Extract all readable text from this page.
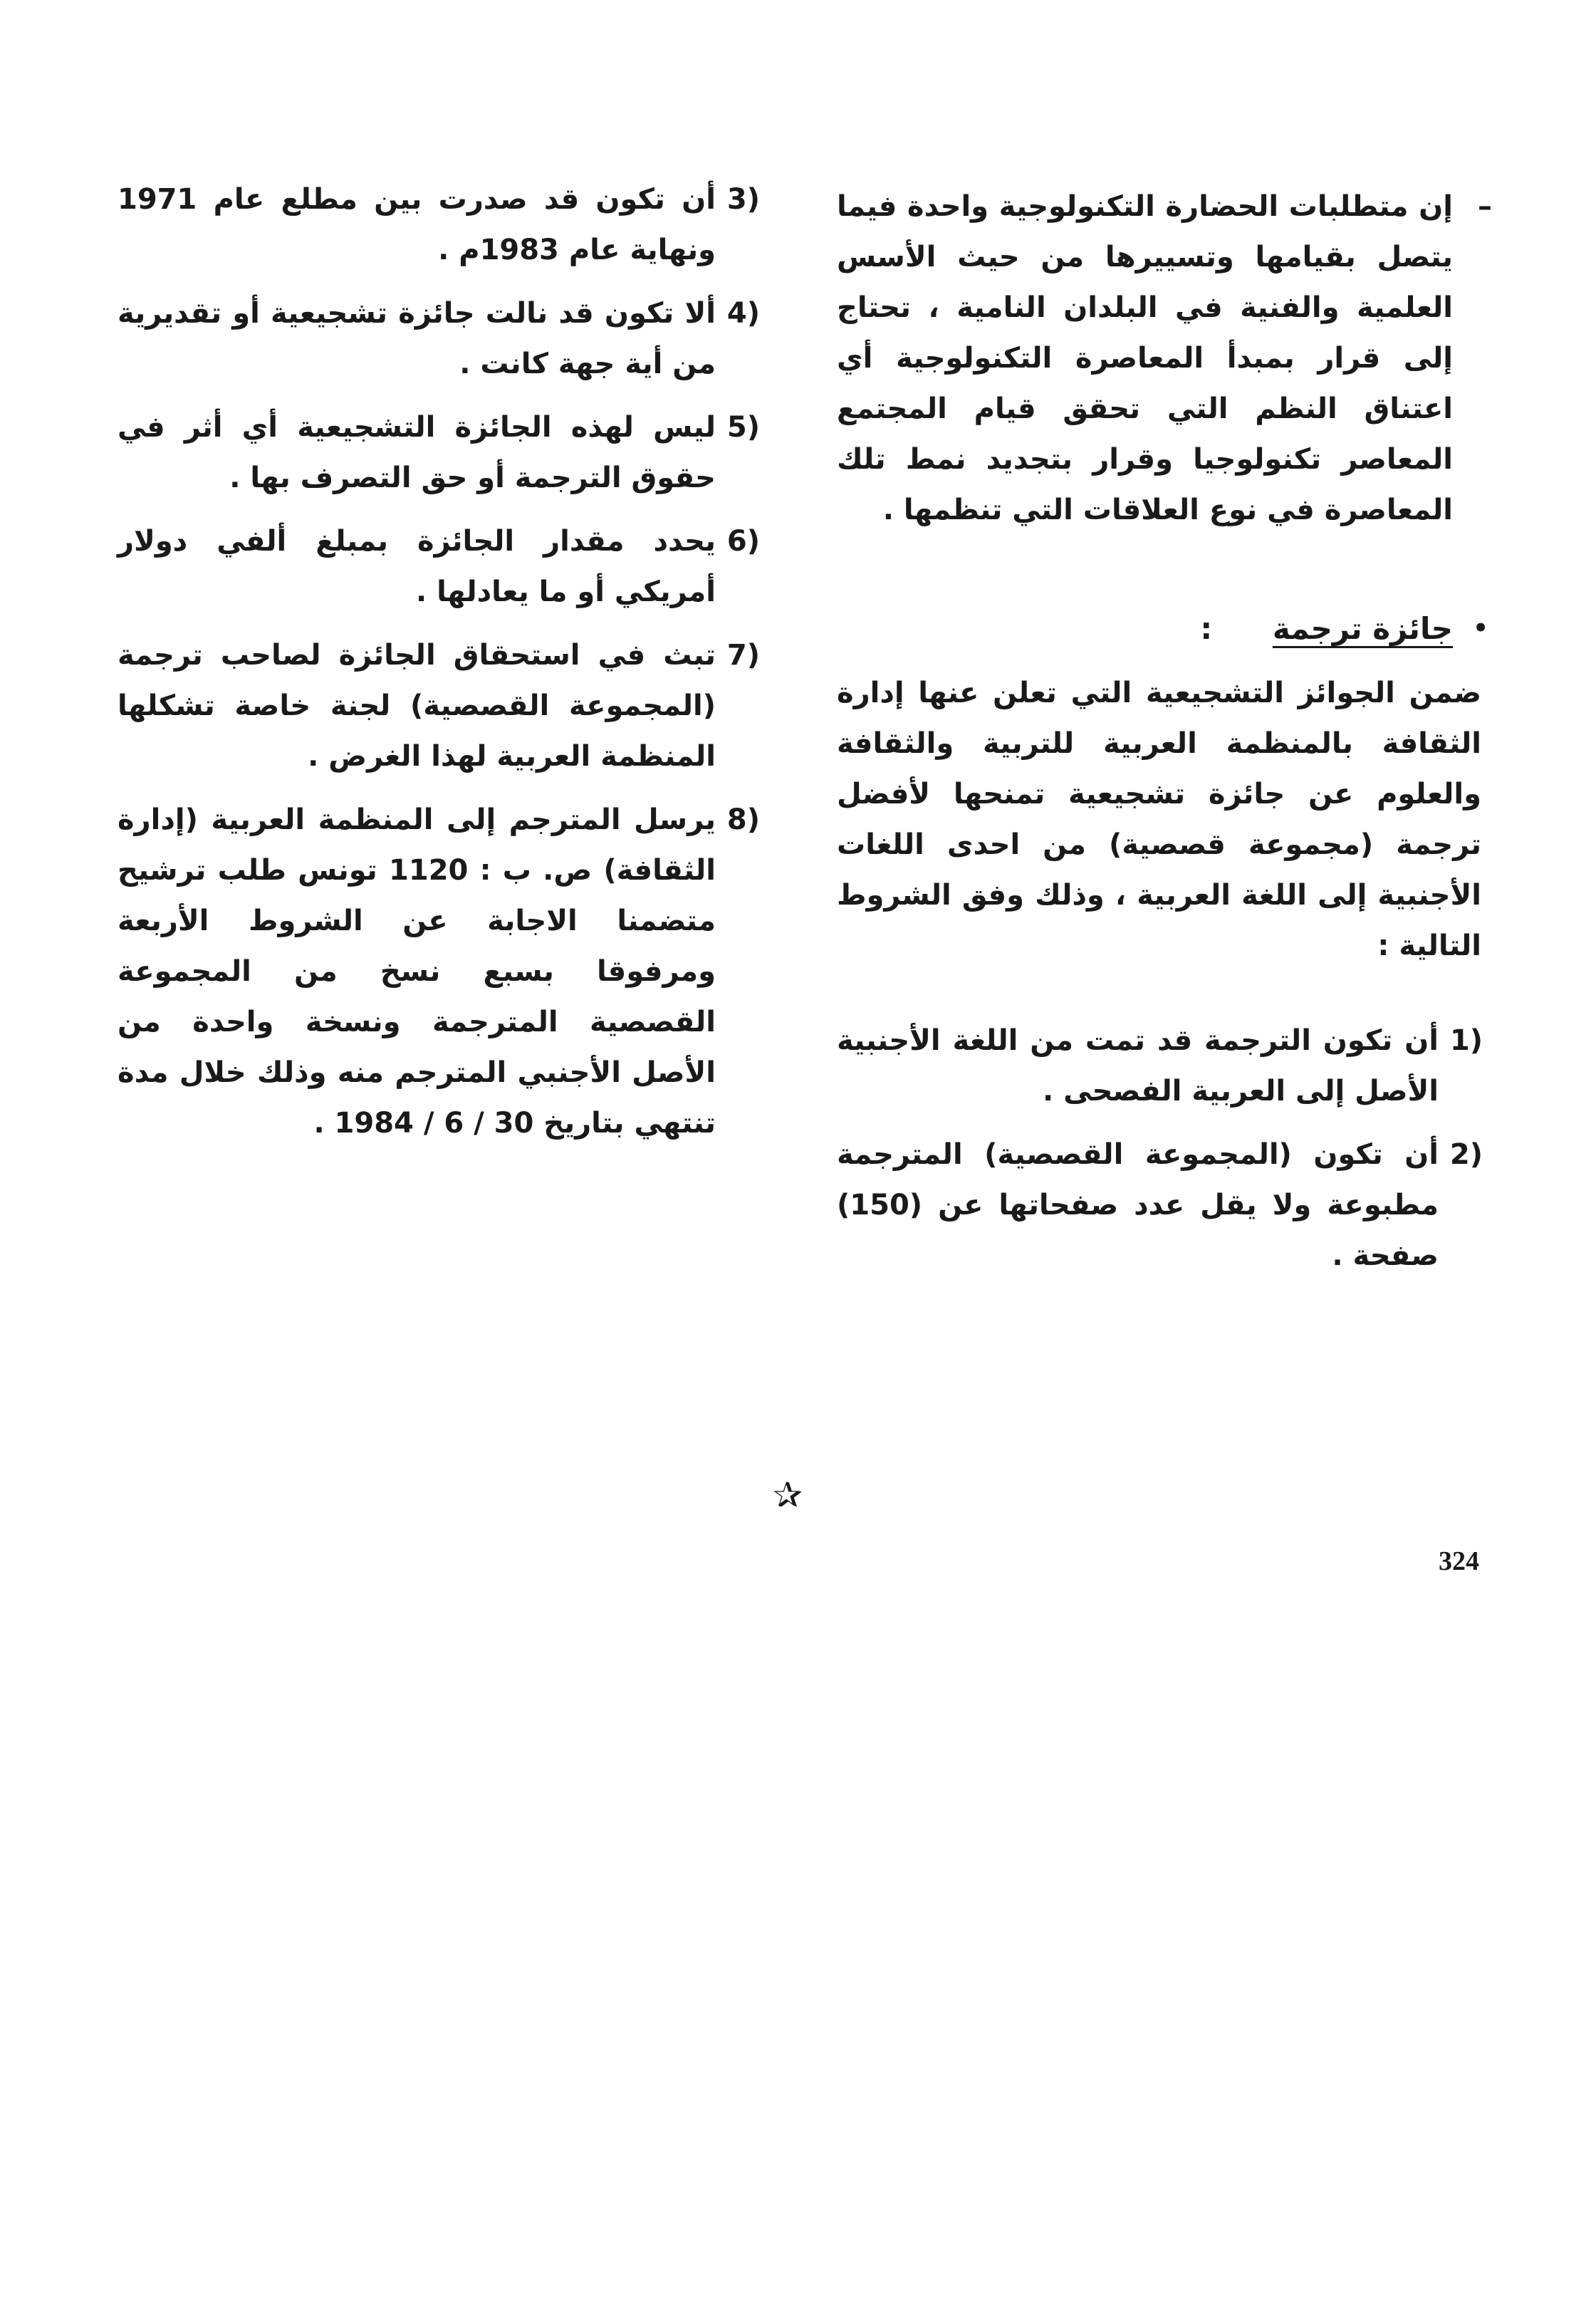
–
إن متطلبات الحضارة التكنولوجية واحدة فيما يتصل بقيامها وتسييرها من حيث الأسس العلمية والفنية في البلدان النامية ، تحتاج إلى قرار بمبدأ المعاصرة التكنولوجية أي اعتناق النظم التي تحقق قيام المجتمع المعاصر تكنولوجيا وقرار بتجديد نمط تلك المعاصرة في نوع العلاقات التي تنظمها .
•
جائزة ترجمة :
ضمن الجوائز التشجيعية التي تعلن عنها إدارة الثقافة بالمنظمة العربية للتربية والثقافة والعلوم عن جائزة تشجيعية تمنحها لأفضل ترجمة (مجموعة قصصية) من احدى اللغات الأجنبية إلى اللغة العربية ، وذلك وفق الشروط التالية :
1)
أن تكون الترجمة قد تمت من اللغة الأجنبية الأصل إلى العربية الفصحى .
2)
أن تكون (المجموعة القصصية) المترجمة مطبوعة ولا يقل عدد صفحاتها عن (150) صفحة .
3)
أن تكون قد صدرت بين مطلع عام 1971 ونهاية عام 1983م .
4)
ألا تكون قد نالت جائزة تشجيعية أو تقديرية من أية جهة كانت .
5)
ليس لهذه الجائزة التشجيعية أي أثر في حقوق الترجمة أو حق التصرف بها .
6)
يحدد مقدار الجائزة بمبلغ ألفي دولار أمريكي أو ما يعادلها .
7)
تبث في استحقاق الجائزة لصاحب ترجمة (المجموعة القصصية) لجنة خاصة تشكلها المنظمة العربية لهذا الغرض .
8)
يرسل المترجم إلى المنظمة العربية (إدارة الثقافة) ص. ب : 1120 تونس طلب ترشيح متضمنا الاجابة عن الشروط الأربعة ومرفوقا بسبع نسخ من المجموعة القصصية المترجمة ونسخة واحدة من الأصل الأجنبي المترجم منه وذلك خلال مدة تنتهي بتاريخ 30 / 6 / 1984 .
✰
324
